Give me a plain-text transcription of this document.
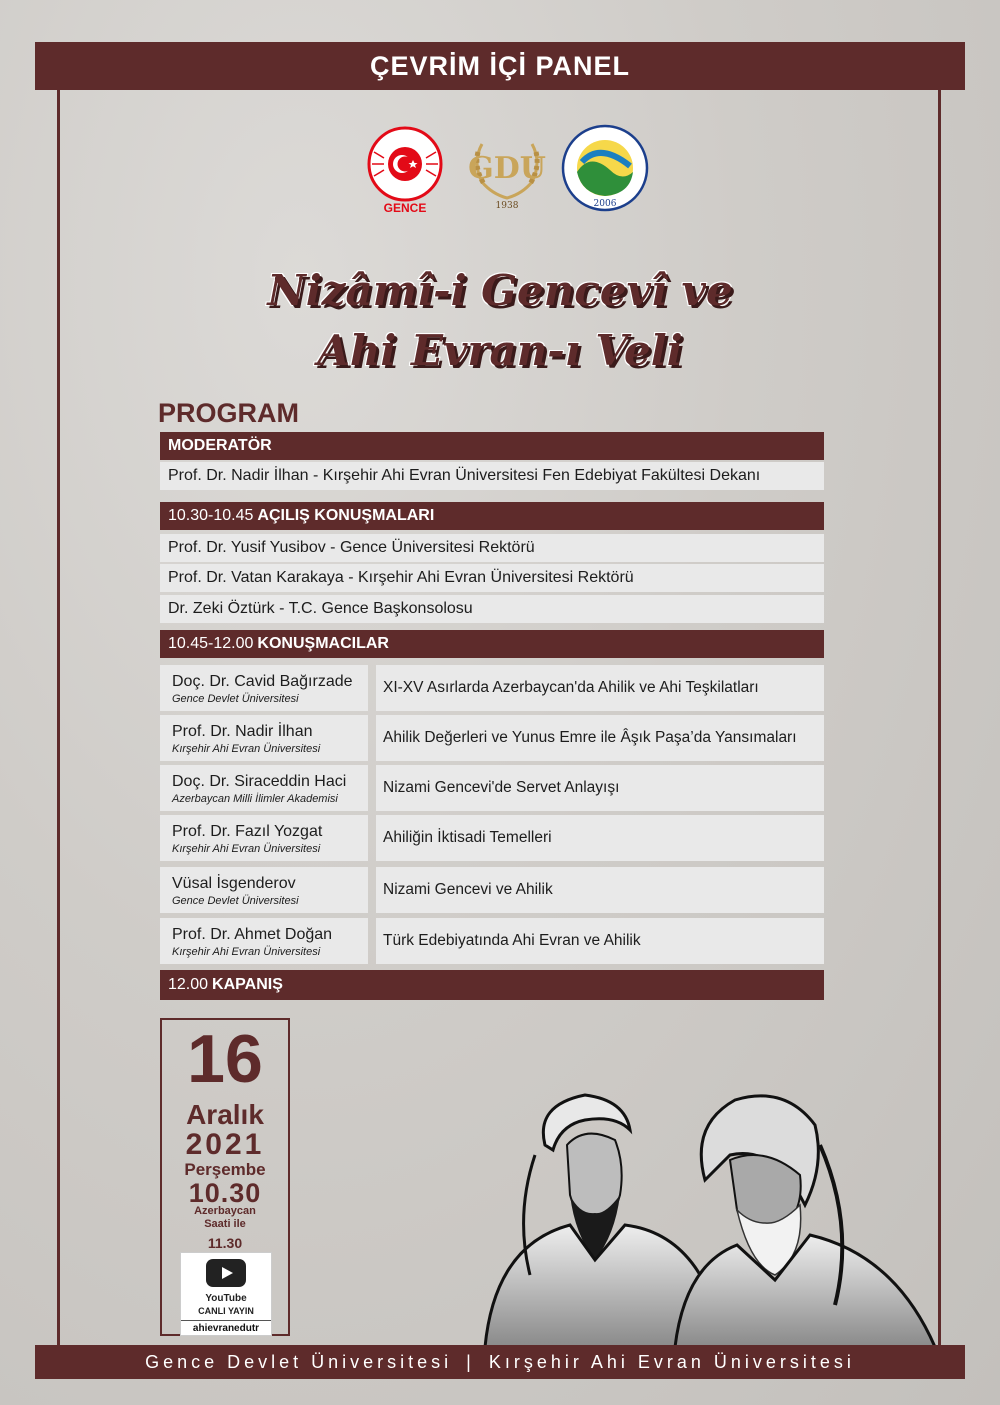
ÇEVRİM İÇİ PANEL
GENCE
GDU
1938	2006
Nizâmî-i Gencevî ve
Ahi Evran-ı Veli
PROGRAM
MODERATÖR
Prof. Dr. Nadir İlhan - Kırşehir Ahi Evran Üniversitesi Fen Edebiyat Fakültesi Dekanı
10.30-10.45 AÇILIŞ KONUŞMALARI
Prof. Dr. Yusif Yusibov - Gence Üniversitesi Rektörü
Prof. Dr. Vatan Karakaya - Kırşehir Ahi Evran Üniversitesi Rektörü
Dr. Zeki Öztürk - T.C. Gence Başkonsolosu
10.45-12.00 KONUŞMACILAR
Doç. Dr. Cavid Bağırzade
Gence Devlet Üniversitesi
XI-XV Asırlarda Azerbaycan'da Ahilik ve Ahi Teşkilatları
Prof. Dr. Nadir İlhan
Kırşehir Ahi Evran Üniversitesi
Ahilik Değerleri ve Yunus Emre ile Âşık Paşa’da Yansımaları
Doç. Dr. Siraceddin Haci
Azerbaycan Milli İlimler Akademisi
Nizami Gencevi'de Servet Anlayışı
Prof. Dr. Fazıl Yozgat
Kırşehir Ahi Evran Üniversitesi
Ahiliğin İktisadi Temelleri
Vüsal İsgenderov
Gence Devlet Üniversitesi
Nizami Gencevi ve Ahilik
Prof. Dr. Ahmet Doğan
Kırşehir Ahi Evran Üniversitesi
Türk Edebiyatında Ahi Evran ve Ahilik
12.00 KAPANIŞ
16
Aralık
2021
Perşembe
10.30
Azerbaycan
Saati ile
11.30
YouTube
CANLI YAYIN
ahievranedutr
Gence Devlet Üniversitesi | Kırşehir Ahi Evran Üniversitesi
